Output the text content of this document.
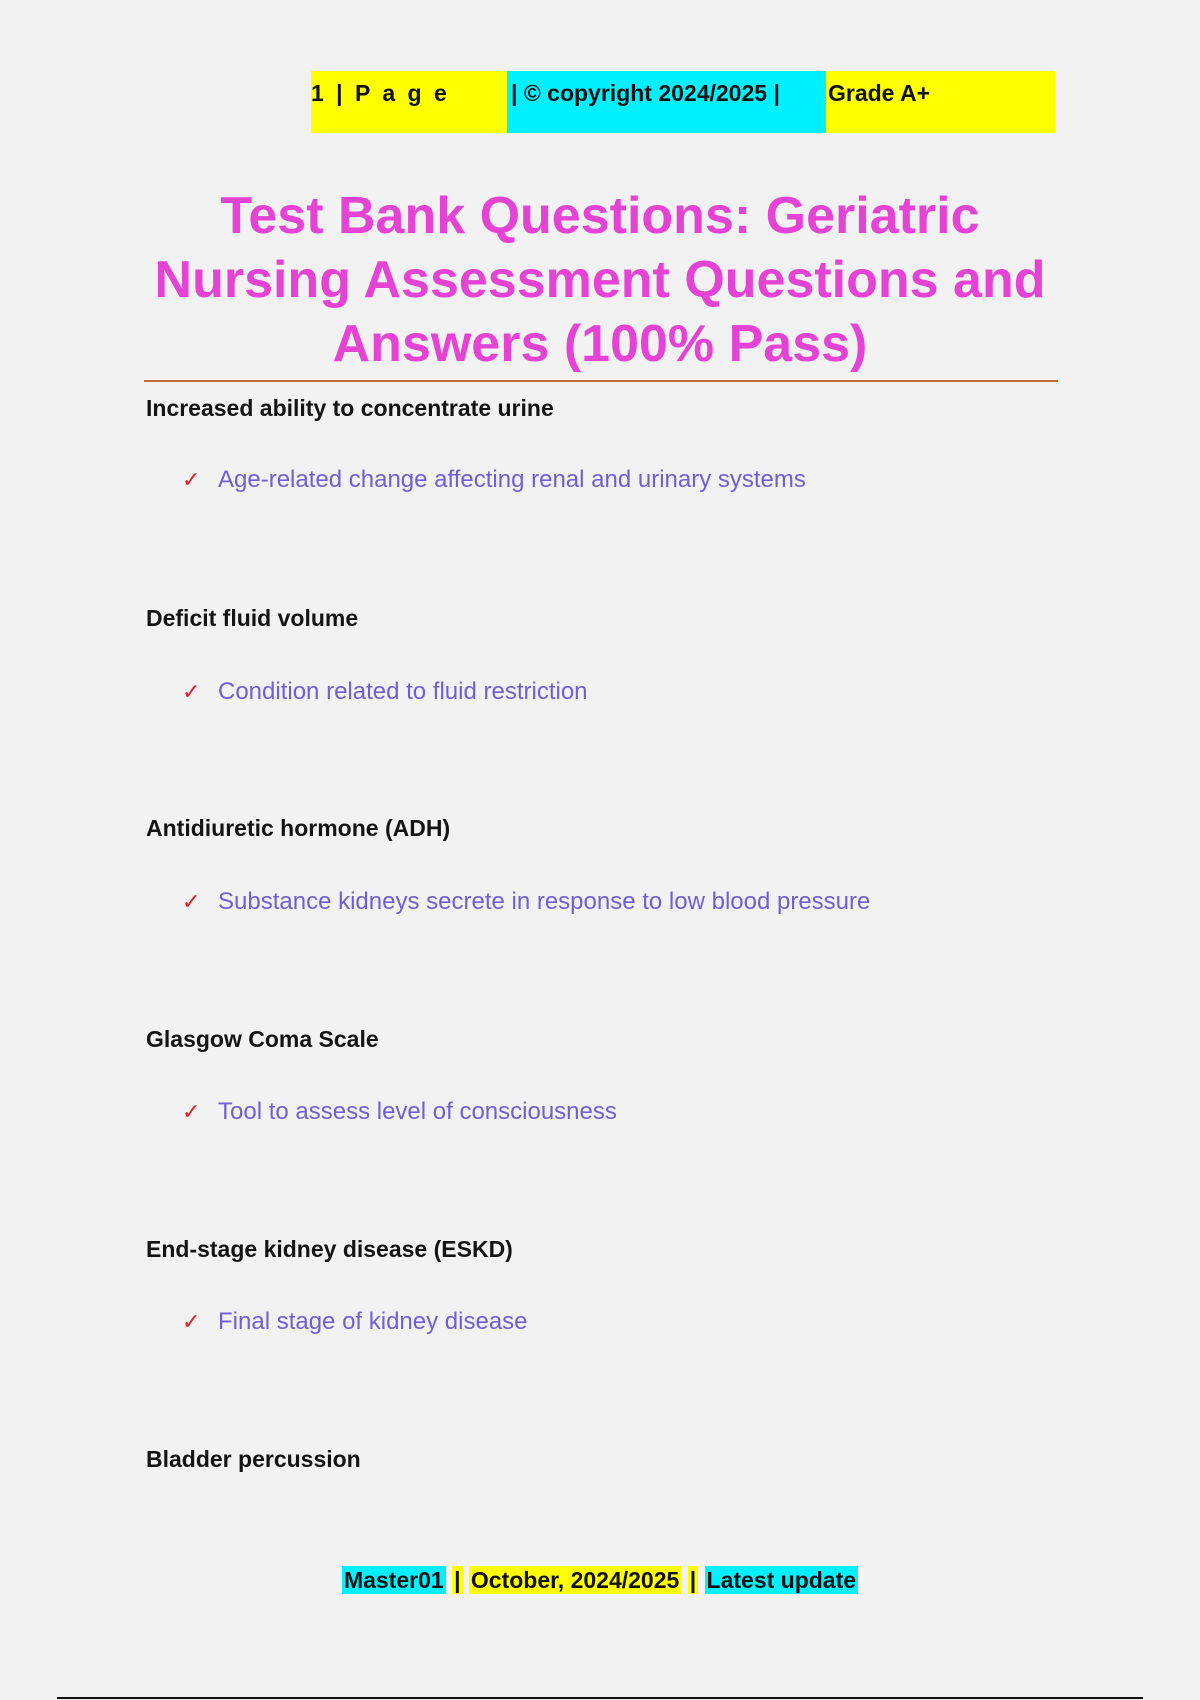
1 | P a g e	| © copyright 2024/2025 |	Grade A+
Test Bank Questions: Geriatric Nursing Assessment Questions and Answers (100% Pass)

Increased ability to concentrate urine

✓ Age-related change affecting renal and urinary systems

Deficit fluid volume

✓ Condition related to fluid restriction

Antidiuretic hormone (ADH)

✓ Substance kidneys secrete in response to low blood pressure

Glasgow Coma Scale

✓ Tool to assess level of consciousness

End-stage kidney disease (ESKD)

✓ Final stage of kidney disease

Bladder percussion

Master01 | October, 2024/2025 | Latest update
